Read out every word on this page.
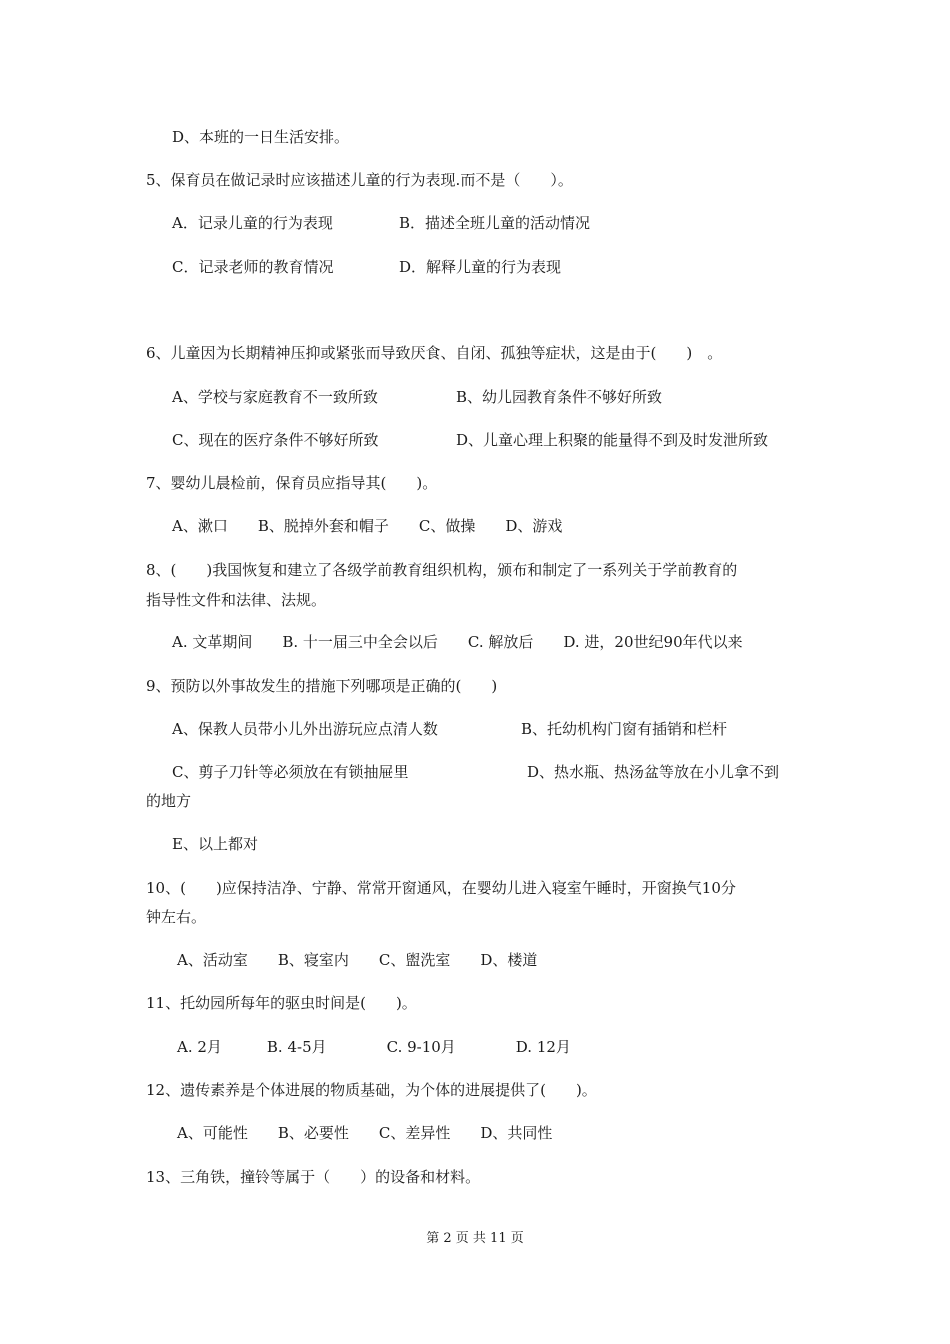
D、本班的一日生活安排。
5、保育员在做记录时应该描述儿童的行为表现.而不是（　　）。
A．记录儿童的行为表现	B．描述全班儿童的活动情况
C．记录老师的教育情况	D．解释儿童的行为表现
6、儿童因为长期精神压抑或紧张而导致厌食、自闭、孤独等症状，这是由于(　　)　。
A、学校与家庭教育不一致所致	B、幼儿园教育条件不够好所致
C、现在的医疗条件不够好所致	D、儿童心理上积聚的能量得不到及时发泄所致
7、婴幼儿晨检前，保育员应指导其(　　)。
A、漱口　　B、脱掉外套和帽子　　C、做操　　D、游戏
8、(　　)我国恢复和建立了各级学前教育组织机构，颁布和制定了一系列关于学前教育的
指导性文件和法律、法规。
A. 文革期间　　B. 十一届三中全会以后　　C. 解放后　　D. 进，20世纪90年代以来
9、预防以外事故发生的措施下列哪项是正确的(　　)
A、保教人员带小儿外出游玩应点清人数	B、托幼机构门窗有插销和栏杆
C、剪子刀针等必须放在有锁抽屉里	D、热水瓶、热汤盆等放在小儿拿不到
的地方
E、以上都对
10、(　　)应保持洁净、宁静、常常开窗通风，在婴幼儿进入寝室午睡时，开窗换气10分
钟左右。
A、活动室　　B、寝室内　　C、盥洗室　　D、楼道
11、托幼园所每年的驱虫时间是(　　)。
A. 2月　　　B. 4-5月　　　　C. 9-10月　　　　D. 12月
12、遗传素养是个体进展的物质基础，为个体的进展提供了(　　)。
A、可能性　　B、必要性　　C、差异性　　D、共同性
13、三角铁，撞铃等属于（　　）的设备和材料。
第 2 页 共 11 页
